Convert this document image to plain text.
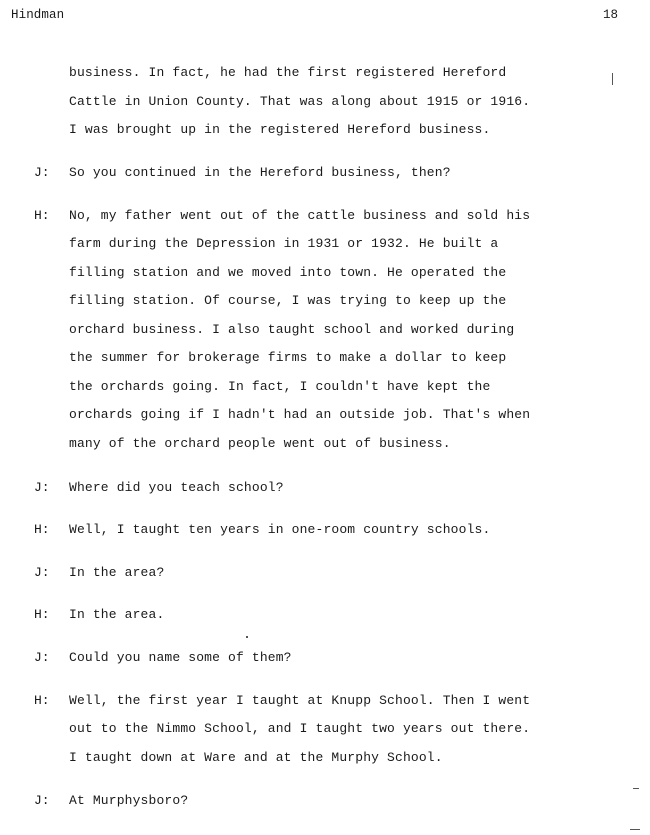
Hindman	18
business. In fact, he had the first registered Hereford
Cattle in Union County. That was along about 1915 or 1916.
I was brought up in the registered Hereford business.
J: So you continued in the Hereford business, then?
H: No, my father went out of the cattle business and sold his
farm during the Depression in 1931 or 1932. He built a
filling station and we moved into town. He operated the
filling station. Of course, I was trying to keep up the
orchard business. I also taught school and worked during
the summer for brokerage firms to make a dollar to keep
the orchards going. In fact, I couldn't have kept the
orchards going if I hadn't had an outside job. That's when
many of the orchard people went out of business.
J: Where did you teach school?
H: Well, I taught ten years in one-room country schools.
J: In the area?
H: In the area.
J: Could you name some of them?
H: Well, the first year I taught at Knupp School. Then I went
out to the Nimmo School, and I taught two years out there.
I taught down at Ware and at the Murphy School.
J: At Murphysboro?
